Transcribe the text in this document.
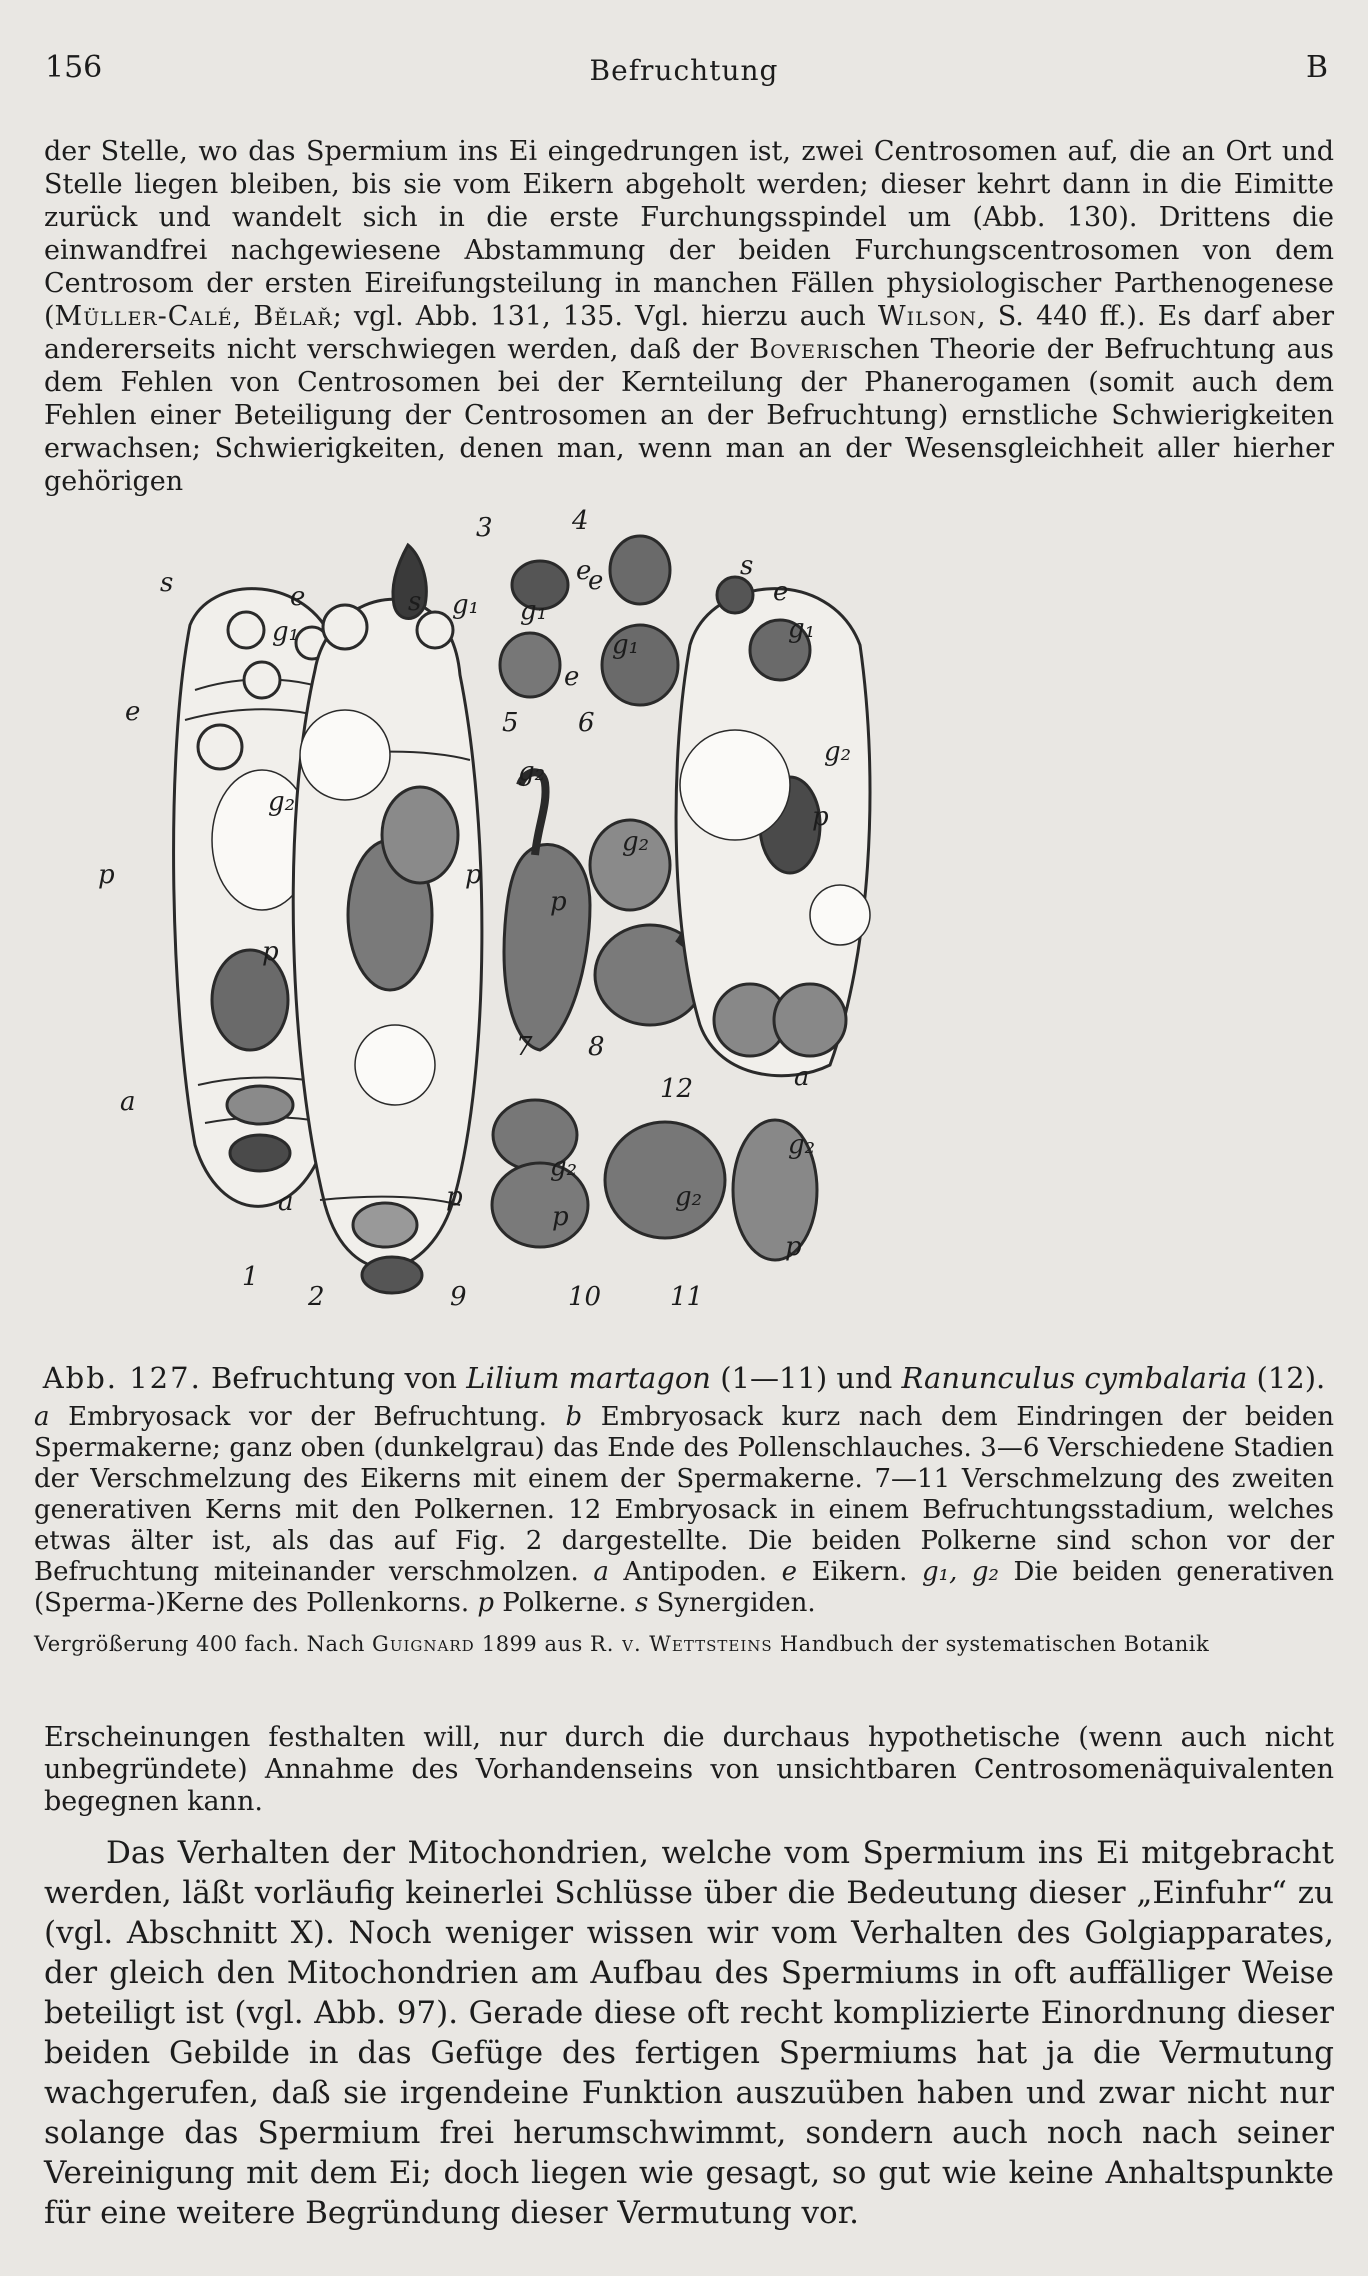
156	Befruchtung	B
der Stelle, wo das Spermium ins Ei eingedrungen ist, zwei Centrosomen auf, die an Ort und Stelle liegen bleiben, bis sie vom Eikern abgeholt werden; dieser kehrt dann in die Eimitte zurück und wandelt sich in die erste Furchungsspindel um (Abb. 130). Drittens die einwandfrei nachgewiesene Abstammung der beiden Furchungscentrosomen von dem Centrosom der ersten Eireifungsteilung in manchen Fällen physiologischer Parthenogenese (Müller-Calé, Bělař; vgl. Abb. 131, 135. Vgl. hierzu auch Wilson, S. 440 ff.). Es darf aber andererseits nicht verschwiegen werden, daß der Boverischen Theorie der Befruchtung aus dem Fehlen von Centrosomen bei der Kernteilung der Phanerogamen (somit auch dem Fehlen einer Beteiligung der Centrosomen an der Befruchtung) ernstliche Schwierigkeiten erwachsen; Schwierigkeiten, denen man, wenn man an der Wesensgleichheit aller hierher gehörigen
s
e
p
a
1
e
g₁
g₂
p
s
a
2
3
e
g₁
4
e
g₁
e
5
g₁
6
g₂
p
7
g₂
p
8
g₂
p
s
e
g₁
a
12
g₂
p
9
g₂
p
10
g₂
p
11
Abb. 127. Befruchtung von Lilium martagon (1—11) und Ranunculus cymbalaria (12).
a Embryosack vor der Befruchtung. b Embryosack kurz nach dem Eindringen der beiden Spermakerne; ganz oben (dunkelgrau) das Ende des Pollenschlauches. 3—6 Verschiedene Stadien der Verschmelzung des Eikerns mit einem der Spermakerne. 7—11 Verschmelzung des zweiten generativen Kerns mit den Polkernen. 12 Embryosack in einem Befruchtungsstadium, welches etwas älter ist, als das auf Fig. 2 dargestellte. Die beiden Polkerne sind schon vor der Befruchtung miteinander verschmolzen. a Antipoden. e Eikern. g₁, g₂ Die beiden generativen (Sperma-)Kerne des Pollenkorns. p Polkerne. s Synergiden.
Vergrößerung 400 fach. Nach Guignard 1899 aus R. v. Wettsteins Handbuch der systematischen Botanik
Erscheinungen festhalten will, nur durch die durchaus hypothetische (wenn auch nicht unbegründete) Annahme des Vorhandenseins von unsichtbaren Centrosomenäquivalenten begegnen kann.
Das Verhalten der Mitochondrien, welche vom Spermium ins Ei mitgebracht werden, läßt vorläufig keinerlei Schlüsse über die Bedeutung dieser „Einfuhr“ zu (vgl. Abschnitt X). Noch weniger wissen wir vom Verhalten des Golgiapparates, der gleich den Mitochondrien am Aufbau des Spermiums in oft auffälliger Weise beteiligt ist (vgl. Abb. 97). Gerade diese oft recht komplizierte Einordnung dieser beiden Gebilde in das Gefüge des fertigen Spermiums hat ja die Vermutung wachgerufen, daß sie irgendeine Funktion auszuüben haben und zwar nicht nur solange das Spermium frei herumschwimmt, sondern auch noch nach seiner Vereinigung mit dem Ei; doch liegen wie gesagt, so gut wie keine Anhaltspunkte für eine weitere Begründung dieser Vermutung vor.
